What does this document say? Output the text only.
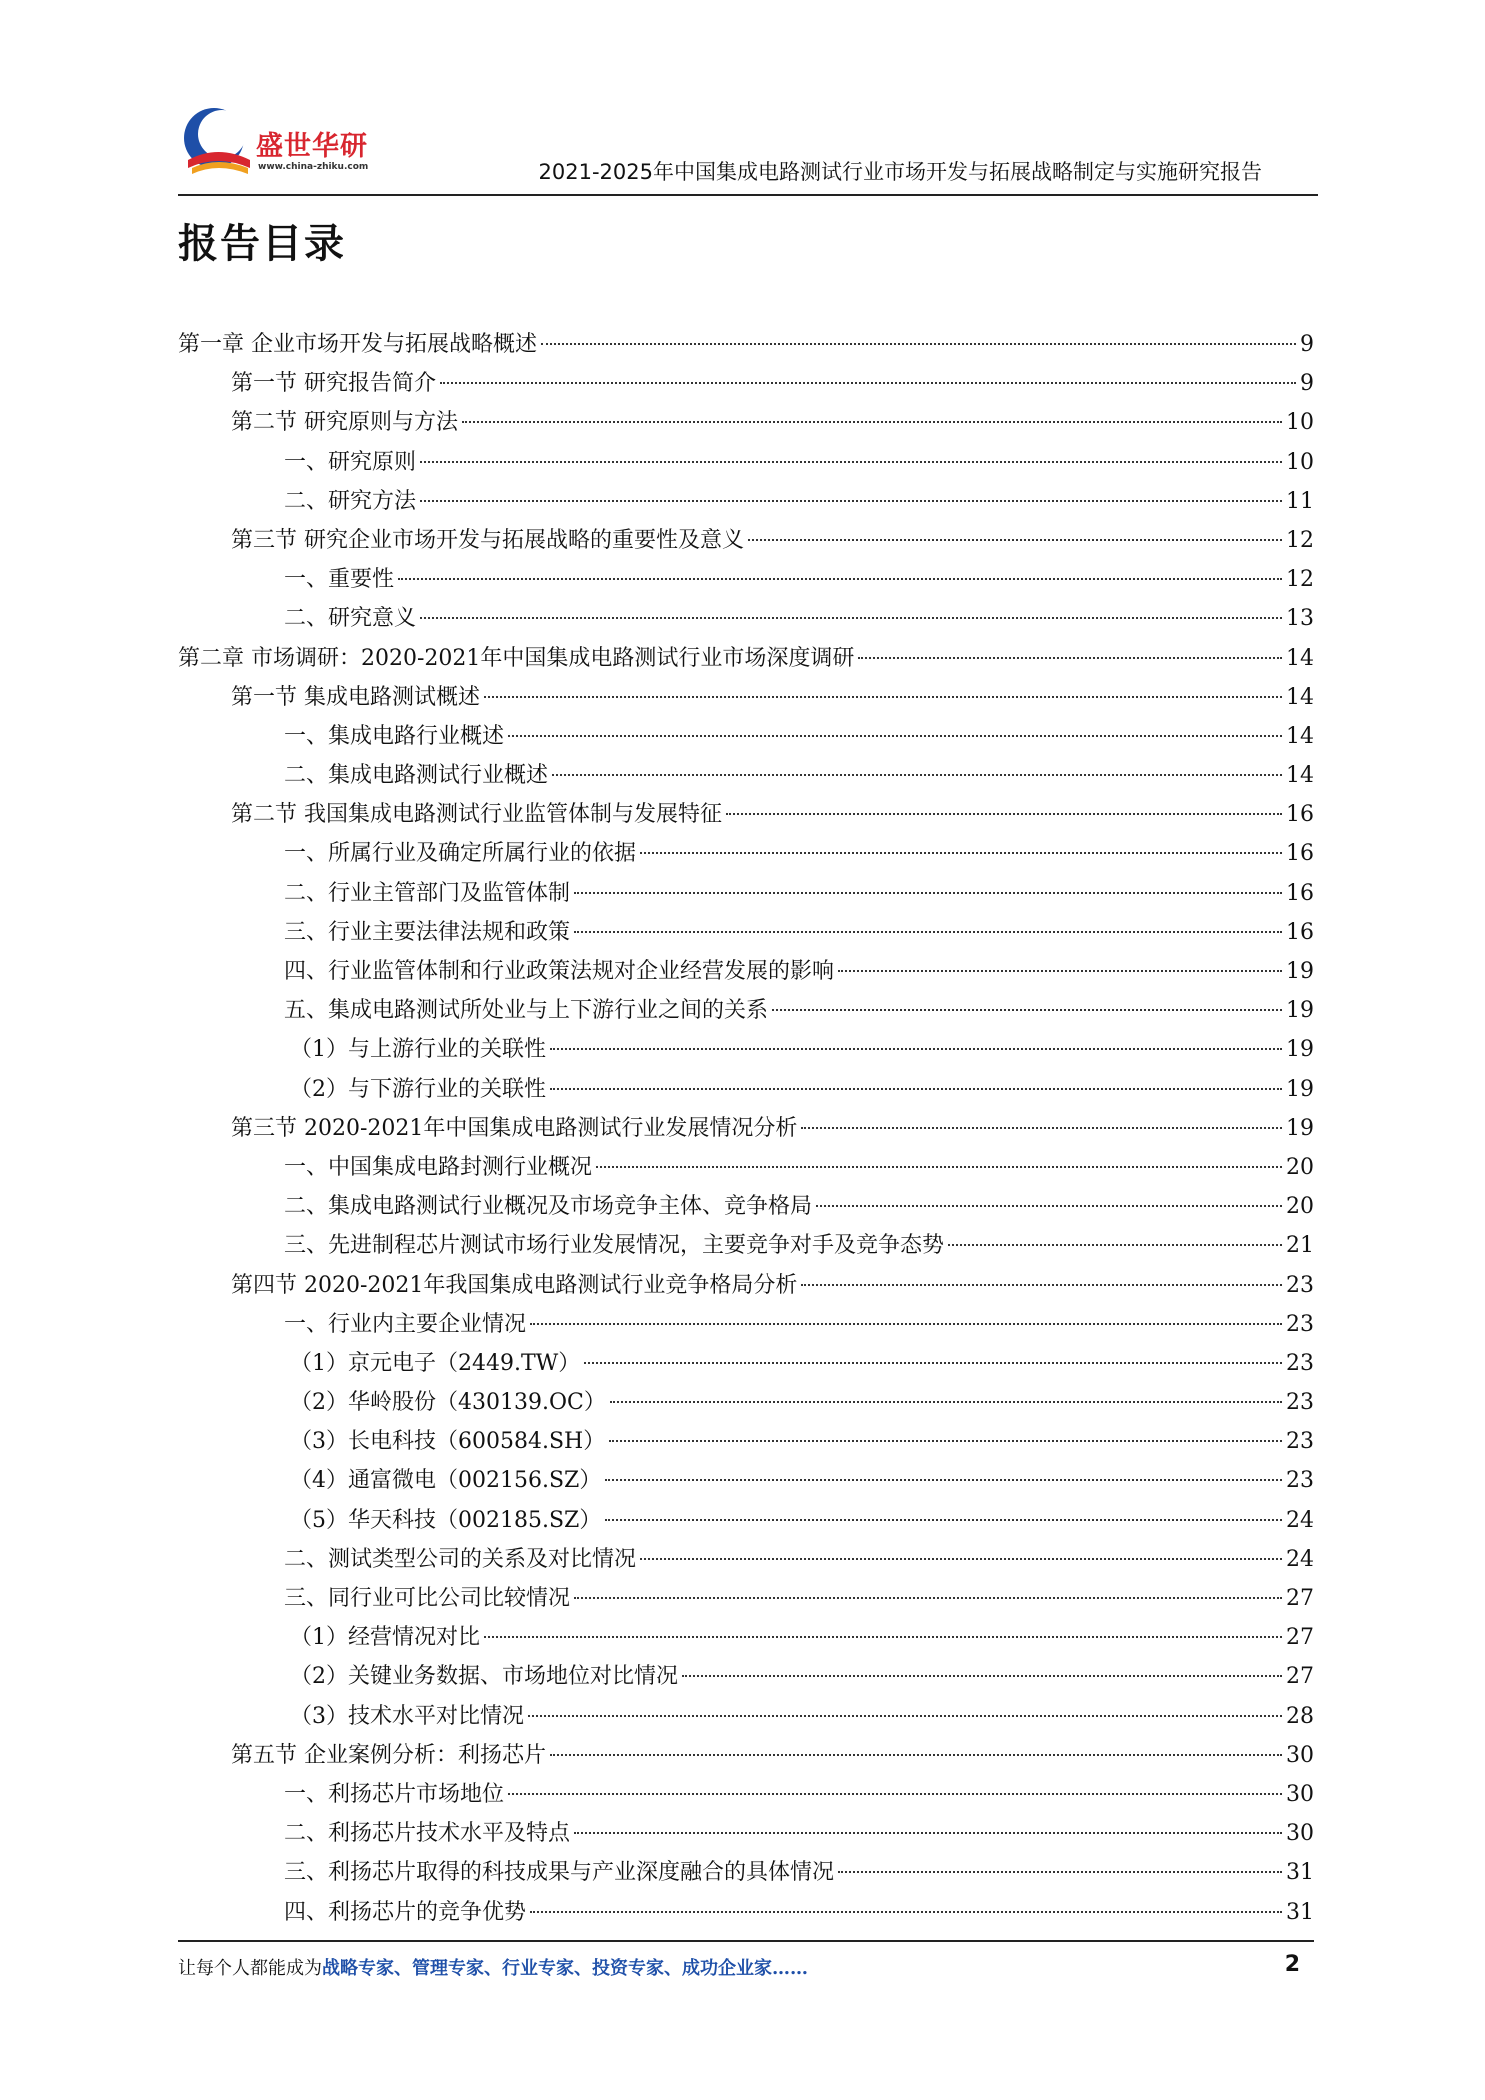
盛世华研
www.china-zhiku.com	2021-2025年中国集成电路测试行业市场开发与拓展战略制定与实施研究报告
报告目录
第一章 企业市场开发与拓展战略概述	9
第一节 研究报告简介	9
第二节 研究原则与方法	10
一、研究原则	10
二、研究方法	11
第三节 研究企业市场开发与拓展战略的重要性及意义	12
一、重要性	12
二、研究意义	13
第二章 市场调研：2020-2021年中国集成电路测试行业市场深度调研	14
第一节 集成电路测试概述	14
一、集成电路行业概述	14
二、集成电路测试行业概述	14
第二节 我国集成电路测试行业监管体制与发展特征	16
一、所属行业及确定所属行业的依据	16
二、行业主管部门及监管体制	16
三、行业主要法律法规和政策	16
四、行业监管体制和行业政策法规对企业经营发展的影响	19
五、集成电路测试所处业与上下游行业之间的关系	19
（1）与上游行业的关联性	19
（2）与下游行业的关联性	19
第三节 2020-2021年中国集成电路测试行业发展情况分析	19
一、中国集成电路封测行业概况	20
二、集成电路测试行业概况及市场竞争主体、竞争格局	20
三、先进制程芯片测试市场行业发展情况，主要竞争对手及竞争态势	21
第四节 2020-2021年我国集成电路测试行业竞争格局分析	23
一、行业内主要企业情况	23
（1）京元电子（2449.TW）	23
（2）华岭股份（430139.OC）	23
（3）长电科技（600584.SH）	23
（4）通富微电（002156.SZ）	23
（5）华天科技（002185.SZ）	24
二、测试类型公司的关系及对比情况	24
三、同行业可比公司比较情况	27
（1）经营情况对比	27
（2）关键业务数据、市场地位对比情况	27
（3）技术水平对比情况	28
第五节 企业案例分析：利扬芯片	30
一、利扬芯片市场地位	30
二、利扬芯片技术水平及特点	30
三、利扬芯片取得的科技成果与产业深度融合的具体情况	31
四、利扬芯片的竞争优势	31
让每个人都能成为战略专家、管理专家、行业专家、投资专家、成功企业家……	2
